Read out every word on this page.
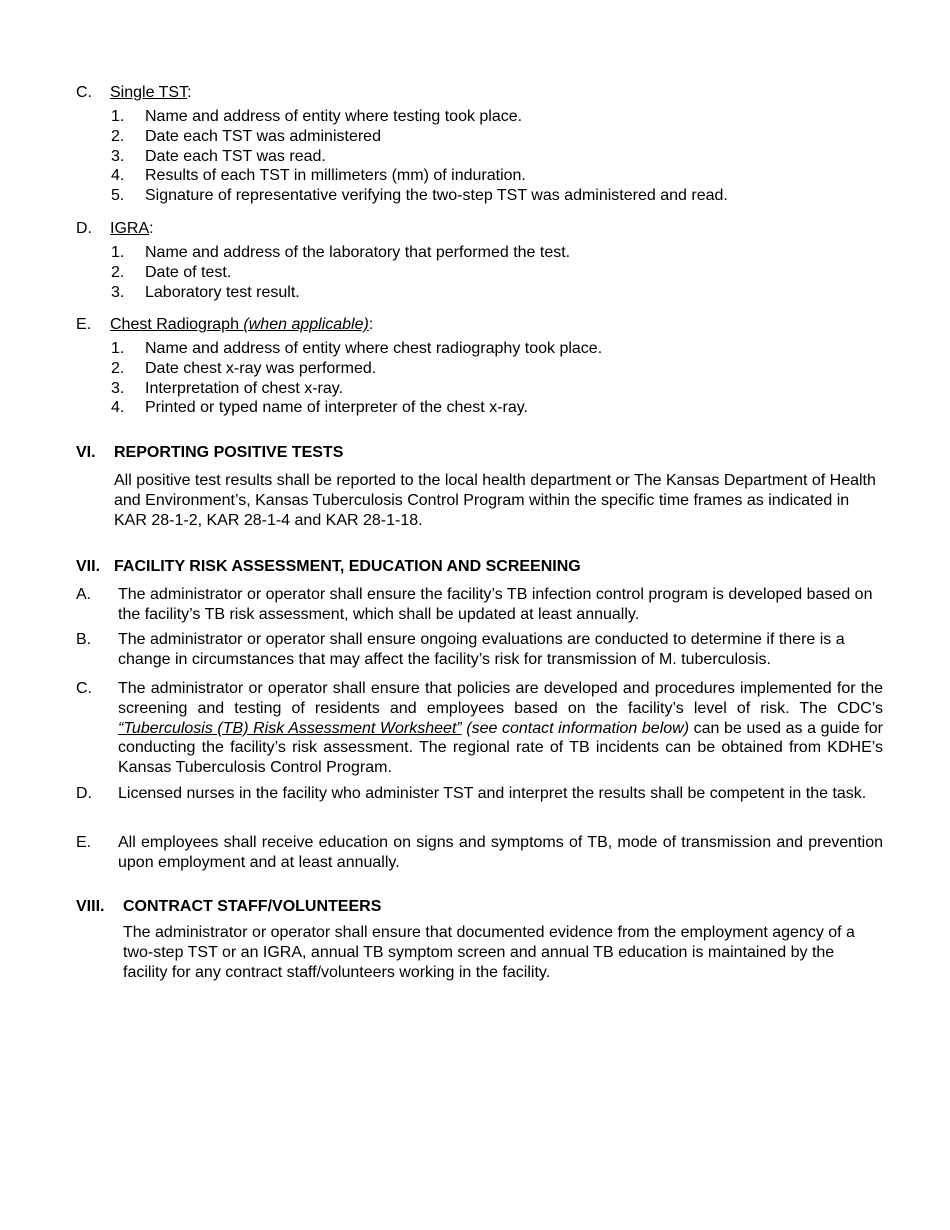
C. Single TST:
1. Name and address of entity where testing took place.
2. Date each TST was administered
3. Date each TST was read.
4. Results of each TST in millimeters (mm) of induration.
5. Signature of representative verifying the two-step TST was administered and read.
D. IGRA:
1. Name and address of the laboratory that performed the test.
2. Date of test.
3. Laboratory test result.
E. Chest Radiograph (when applicable):
1. Name and address of entity where chest radiography took place.
2. Date chest x-ray was performed.
3. Interpretation of chest x-ray.
4. Printed or typed name of interpreter of the chest x-ray.
VI. REPORTING POSITIVE TESTS

All positive test results shall be reported to the local health department or The Kansas Department of Health and Environment’s, Kansas Tuberculosis Control Program within the specific time frames as indicated in KAR 28-1-2, KAR 28-1-4 and KAR 28-1-18.

VII. FACILITY RISK ASSESSMENT, EDUCATION AND SCREENING
A. The administrator or operator shall ensure the facility’s TB infection control program is developed based on the facility’s TB risk assessment, which shall be updated at least annually.
B. The administrator or operator shall ensure ongoing evaluations are conducted to determine if there is a change in circumstances that may affect the facility’s risk for transmission of M. tuberculosis.
C. The administrator or operator shall ensure that policies are developed and procedures implemented for the screening and testing of residents and employees based on the facility’s level of risk. The CDC’s “Tuberculosis (TB) Risk Assessment Worksheet” (see contact information below) can be used as a guide for conducting the facility’s risk assessment. The regional rate of TB incidents can be obtained from KDHE’s Kansas Tuberculosis Control Program.
D. Licensed nurses in the facility who administer TST and interpret the results shall be competent in the task.
E. All employees shall receive education on signs and symptoms of TB, mode of transmission and prevention upon employment and at least annually.
VIII. CONTRACT STAFF/VOLUNTEERS

The administrator or operator shall ensure that documented evidence from the employment agency of a two-step TST or an IGRA, annual TB symptom screen and annual TB education is maintained by the facility for any contract staff/volunteers working in the facility.
